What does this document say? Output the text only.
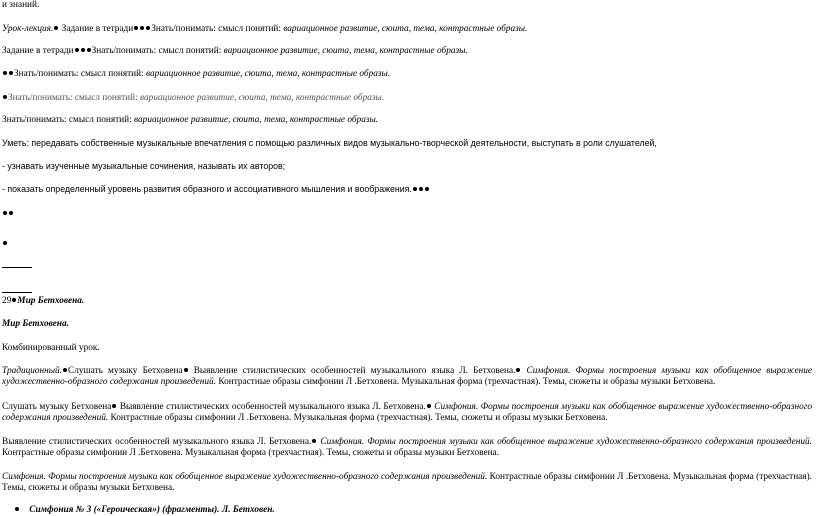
и знаний.
Урок-лекция. Задание в тетради Знать/понимать: смысл понятий: вариационное развитие, сюита, тема, контрастные образы.
Задание в тетради Знать/понимать: смысл понятий: вариационное развитие, сюита, тема, контрастные образы.
Знать/понимать: смысл понятий: вариационное развитие, сюита, тема, контрастные образы.
Знать/понимать: смысл понятий: вариационное развитие, сюита, тема, контрастные образы.
Знать/понимать: смысл понятий: вариационное развитие, сюита, тема, контрастные образы.
Уметь: передавать собственные музыкальные впечатления с помощью различных видов музыкально-творческой деятельности, выступать в роли слушателей,
- узнавать изученные музыкальные сочинения, называть их авторов;
- показать определенный уровень развития образного и ассоциативного мышления и воображения.
29 Мир Бетховена.
Мир Бетховена.
Комбинированный урок.
Традиционный. Слушать музыку Бетховена Выявление стилистических особенностей музыкального языка Л. Бетховена. Симфония. Формы построения музыки как обобщенное выражение художественно-образного содержания произведений. Контрастные образы симфонии Л .Бетховена. Музыкальная форма (трехчастная). Темы, сюжеты и образы музыки Бетховена.
Слушать музыку Бетховена Выявление стилистических особенностей музыкального языка Л. Бетховена. Симфония. Формы построения музыки как обобщенное выражение художественно-образного содержания произведений. Контрастные образы симфонии Л .Бетховена. Музыкальная форма (трехчастная). Темы, сюжеты и образы музыки Бетховена.
Выявление стилистических особенностей музыкального языка Л. Бетховена. Симфония. Формы построения музыки как обобщенное выражение художественно-образного содержания произведений. Контрастные образы симфонии Л .Бетховена. Музыкальная форма (трехчастная). Темы, сюжеты и образы музыки Бетховена.
Симфония. Формы построения музыки как обобщенное выражение художественно-образного содержания произведений. Контрастные образы симфонии Л .Бетховена. Музыкальная форма (трехчастная). Темы, сюжеты и образы музыки Бетховена.
Симфония № 3 («Героическая») (фрагменты). Л. Бетховен.
